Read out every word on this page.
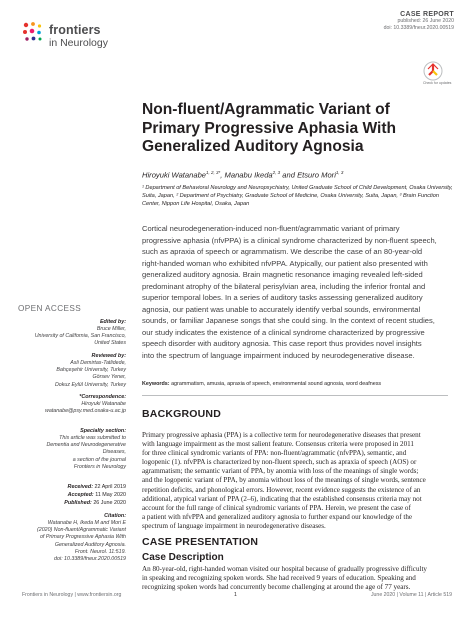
frontiers
in Neurology
CASE REPORT
published: 26 June 2020
doi: 10.3389/fneur.2020.00519
Check for updates
Non-fluent/Agrammatic Variant of
Primary Progressive Aphasia With
Generalized Auditory Agnosia
Hiroyuki Watanabe$^{1, 2, 3*}$, Manabu Ikeda$^{2, 3}$ and Etsuro Mori$^{1, 3}$
¹ Department of Behavioral Neurology and Neuropsychiatry, United Graduate School of Child Development, Osaka University,
Suita, Japan, ² Department of Psychiatry, Graduate School of Medicine, Osaka University, Suita, Japan, ³ Brain Function
Center, Nippon Life Hospital, Osaka, Japan
Cortical neurodegeneration-induced non-fluent/agrammatic variant of primary
progressive aphasia (nfvPPA) is a clinical syndrome characterized by non-fluent speech,
such as apraxia of speech or agrammatism. We describe the case of an 80-year-old
right-handed woman who exhibited nfvPPA. Atypically, our patient also presented with
generalized auditory agnosia. Brain magnetic resonance imaging revealed left-sided
predominant atrophy of the bilateral perisylvian area, including the inferior frontal and
superior temporal lobes. In a series of auditory tasks assessing generalized auditory
agnosia, our patient was unable to accurately identify verbal sounds, environmental
sounds, or familiar Japanese songs that she could sing. In the context of recent studies,
our study indicates the existence of a clinical syndrome characterized by progressive
speech disorder with auditory agnosia. This case report thus provides novel insights
into the spectrum of language impairment induced by neurodegenerative disease.
Keywords: agrammatism, amusia, apraxia of speech, environmental sound agnosia, word deafness
BACKGROUND
Primary progressive aphasia (PPA) is a collective term for neurodegenerative diseases that present
with language impairment as the most salient feature. Consensus criteria were proposed in 2011
for three clinical syndromic variants of PPA: non-fluent/agrammatic (nfvPPA), semantic, and
logopenic (1). nfvPPA is characterized by non-fluent speech, such as apraxia of speech (AOS) or
agrammatism; the semantic variant of PPA, by anomia with loss of the meanings of single words;
and the logopenic variant of PPA, by anomia without loss of the meanings of single words, sentence
repetition deficits, and phonological errors. However, recent evidence suggests the existence of an
additional, atypical variant of PPA (2–6), indicating that the established consensus criteria may not
account for the full range of clinical syndromic variants of PPA. Herein, we present the case of
a patient with nfvPPA and generalized auditory agnosia to further expand our knowledge of the
spectrum of language impairment in neurodegenerative diseases.
CASE PRESENTATION
Case Description
An 80-year-old, right-handed woman visited our hospital because of gradually progressive difficulty
in speaking and recognizing spoken words. She had received 9 years of education. Speaking and
recognizing spoken words had concurrently become challenging at around the age of 77 years.
OPEN ACCESS
Edited by:
Bruce Miller,
University of California, San Francisco,
United States
Reviewed by:
Asli Demirtas-Tatlidede,
Bahçeşehir University, Turkey
Görsev Yener,
Dokuz Eylül University, Turkey
*Correspondence:
Hiroyuki Watanabe
watanabe@psy.med.osaka-u.ac.jp
Specialty section:
This article was submitted to
Dementia and Neurodegenerative
Diseases,
a section of the journal
Frontiers in Neurology
Received: 22 April 2019
Accepted: 11 May 2020
Published: 26 June 2020
Citation:
Watanabe H, Ikeda M and Mori E
(2020) Non-fluent/Agrammatic Variant
of Primary Progressive Aphasia With
Generalized Auditory Agnosia.
Front. Neurol. 11:519.
doi: 10.3389/fneur.2020.00519
Frontiers in Neurology | www.frontiersin.org	1	June 2020 | Volume 11 | Article 519
